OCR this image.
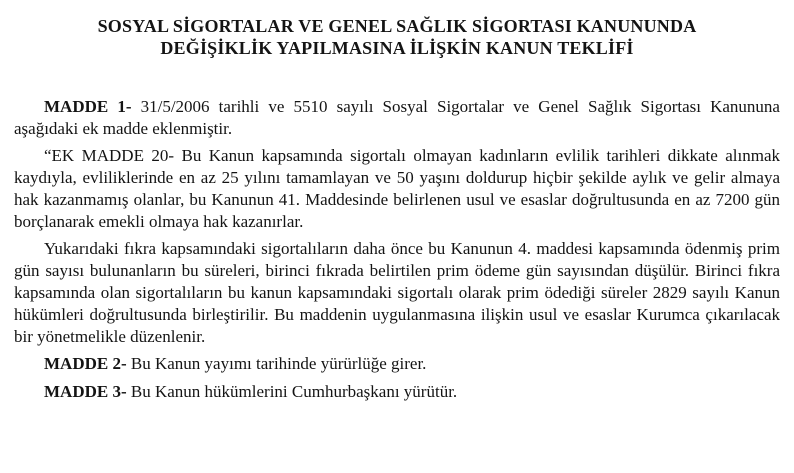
SOSYAL SİGORTALAR VE GENEL SAĞLIK SİGORTASI KANUNUNDA
DEĞİŞİKLİK YAPILMASINA İLİŞKİN KANUN TEKLİFİ

MADDE 1- 31/5/2006 tarihli ve 5510 sayılı Sosyal Sigortalar ve Genel Sağlık Sigortası Kanununa aşağıdaki ek madde eklenmiştir.

“EK MADDE 20- Bu Kanun kapsamında sigortalı olmayan kadınların evlilik tarihleri dikkate alınmak kaydıyla, evliliklerinde en az 25 yılını tamamlayan ve 50 yaşını doldurup hiçbir şekilde aylık ve gelir almaya hak kazanmamış olanlar, bu Kanunun 41. Maddesinde belirlenen usul ve esaslar doğrultusunda en az 7200 gün borçlanarak emekli olmaya hak kazanırlar.

Yukarıdaki fıkra kapsamındaki sigortalıların daha önce bu Kanunun 4. maddesi kapsamında ödenmiş prim gün sayısı bulunanların bu süreleri, birinci fıkrada belirtilen prim ödeme gün sayısından düşülür. Birinci fıkra kapsamında olan sigortalıların bu kanun kapsamındaki sigortalı olarak prim ödediği süreler 2829 sayılı Kanun hükümleri doğrultusunda birleştirilir. Bu maddenin uygulanmasına ilişkin usul ve esaslar Kurumca çıkarılacak bir yönetmelikle düzenlenir.

MADDE 2- Bu Kanun yayımı tarihinde yürürlüğe girer.

MADDE 3- Bu Kanun hükümlerini Cumhurbaşkanı yürütür.
